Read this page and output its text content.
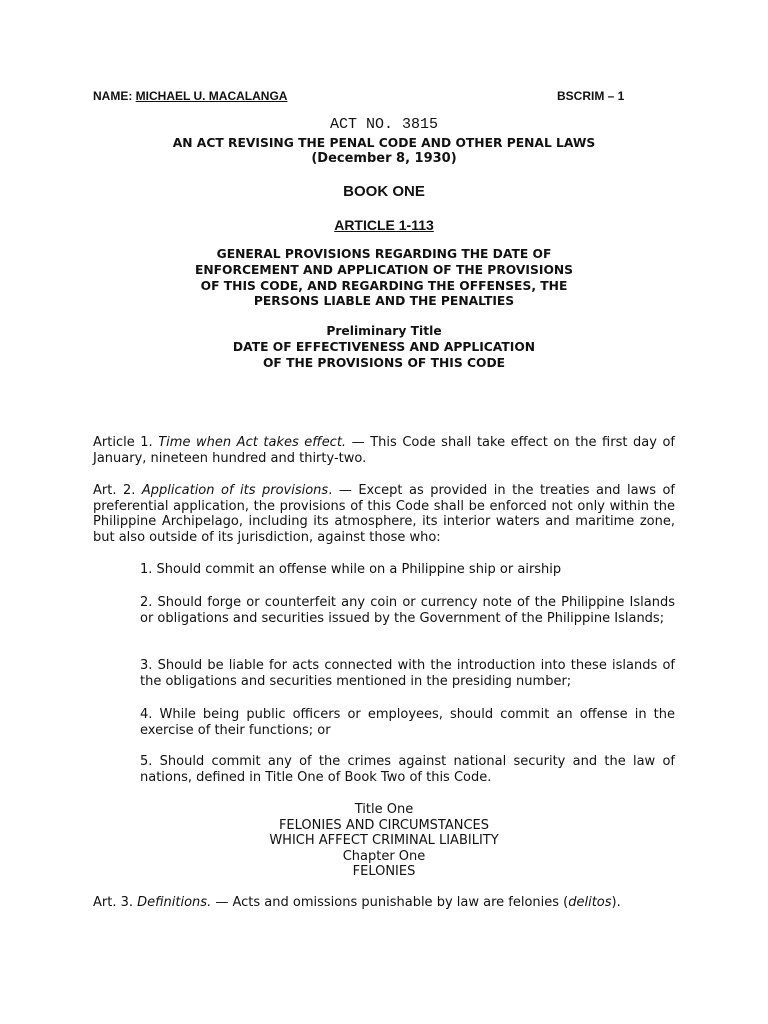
NAME: MICHAEL U. MACALANGA	BSCRIM – 1
ACT NO. 3815
AN ACT REVISING THE PENAL CODE AND OTHER PENAL LAWS
(December 8, 1930)
BOOK ONE
ARTICLE 1-113
GENERAL PROVISIONS REGARDING THE DATE OF
ENFORCEMENT AND APPLICATION OF THE PROVISIONS
OF THIS CODE, AND REGARDING THE OFFENSES, THE
PERSONS LIABLE AND THE PENALTIES
Preliminary Title
DATE OF EFFECTIVENESS AND APPLICATION
OF THE PROVISIONS OF THIS CODE
Article 1. Time when Act takes effect. — This Code shall take effect on the first day of January, nineteen hundred and thirty-two.
Art. 2. Application of its provisions. — Except as provided in the treaties and laws of preferential application, the provisions of this Code shall be enforced not only within the Philippine Archipelago, including its atmosphere, its interior waters and maritime zone, but also outside of its jurisdiction, against those who:
1. Should commit an offense while on a Philippine ship or airship
2. Should forge or counterfeit any coin or currency note of the Philippine Islands or obligations and securities issued by the Government of the Philippine Islands;
3. Should be liable for acts connected with the introduction into these islands of the obligations and securities mentioned in the presiding number;
4. While being public officers or employees, should commit an offense in the exercise of their functions; or
5. Should commit any of the crimes against national security and the law of nations, defined in Title One of Book Two of this Code.
Title One
FELONIES AND CIRCUMSTANCES
WHICH AFFECT CRIMINAL LIABILITY
Chapter One
FELONIES
Art. 3. Definitions. — Acts and omissions punishable by law are felonies (delitos).
